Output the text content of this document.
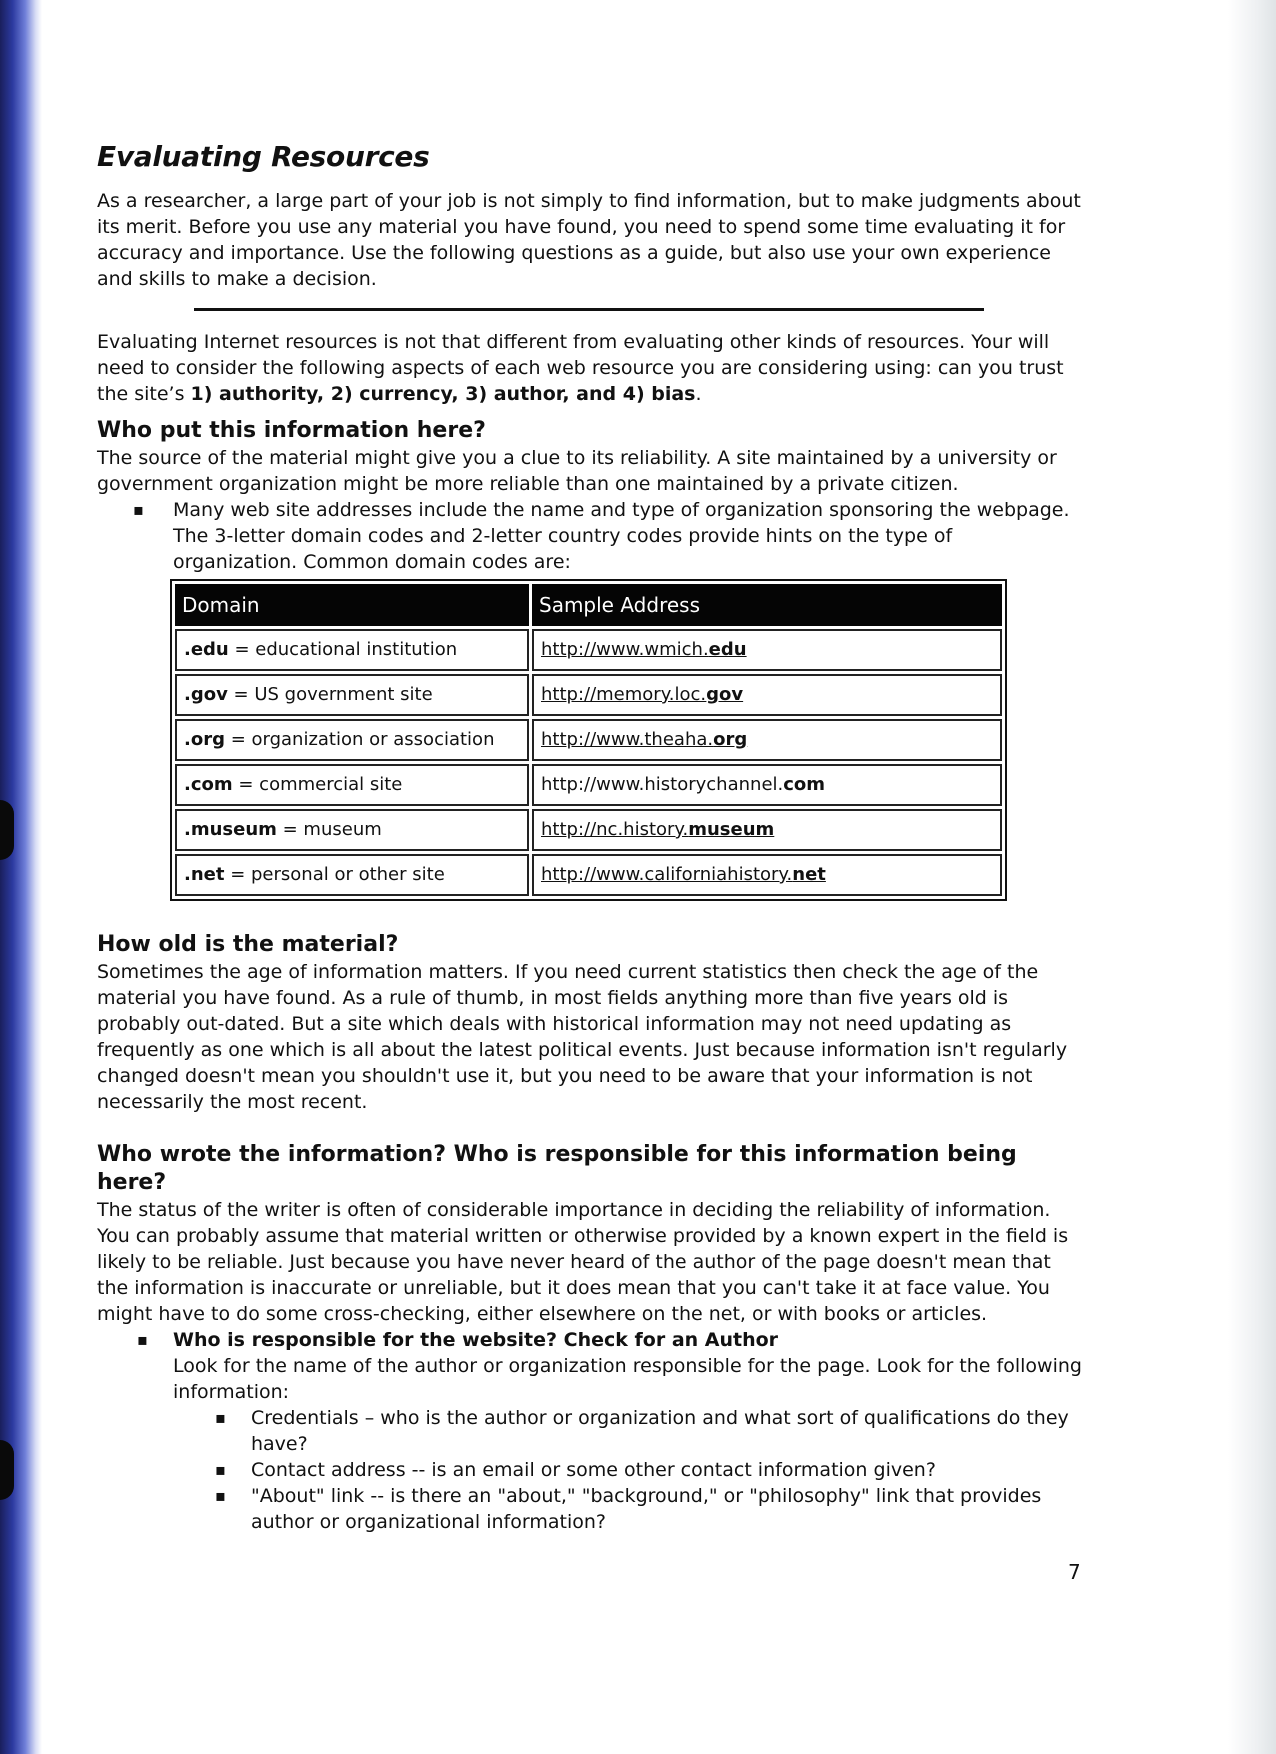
Evaluating Resources

As a researcher, a large part of your job is not simply to find information, but to make judgments about its merit. Before you use any material you have found, you need to spend some time evaluating it for accuracy and importance. Use the following questions as a guide, but also use your own experience and skills to make a decision.

Evaluating Internet resources is not that different from evaluating other kinds of resources. Your will need to consider the following aspects of each web resource you are considering using: can you trust the site’s 1) authority, 2) currency, 3) author, and 4) bias.

Who put this information here?

The source of the material might give you a clue to its reliability. A site maintained by a university or government organization might be more reliable than one maintained by a private citizen.

▪ Many web site addresses include the name and type of organization sponsoring the webpage. The 3-letter domain codes and 2-letter country codes provide hints on the type of organization. Common domain codes are:
Domain	Sample Address
.edu = educational institution	http://www.wmich.edu
.gov = US government site	http://memory.loc.gov
.org = organization or association	http://www.theaha.org
.com = commercial site	http://www.historychannel.com
.museum = museum	http://nc.history.museum
.net = personal or other site	http://www.californiahistory.net
How old is the material?

Sometimes the age of information matters. If you need current statistics then check the age of the material you have found. As a rule of thumb, in most fields anything more than five years old is probably out-dated. But a site which deals with historical information may not need updating as frequently as one which is all about the latest political events. Just because information isn't regularly changed doesn't mean you shouldn't use it, but you need to be aware that your information is not necessarily the most recent.

Who wrote the information? Who is responsible for this information being here?

The status of the writer is often of considerable importance in deciding the reliability of information. You can probably assume that material written or otherwise provided by a known expert in the field is likely to be reliable. Just because you have never heard of the author of the page doesn't mean that the information is inaccurate or unreliable, but it does mean that you can't take it at face value. You might have to do some cross-checking, either elsewhere on the net, or with books or articles.

▪ Who is responsible for the website? Check for an Author

Look for the name of the author or organization responsible for the page. Look for the following information:

▪ Credentials – who is the author or organization and what sort of qualifications do they have?
▪ Contact address -- is an email or some other contact information given?
▪ "About" link -- is there an "about," "background," or "philosophy" link that provides author or organizational information?
7
